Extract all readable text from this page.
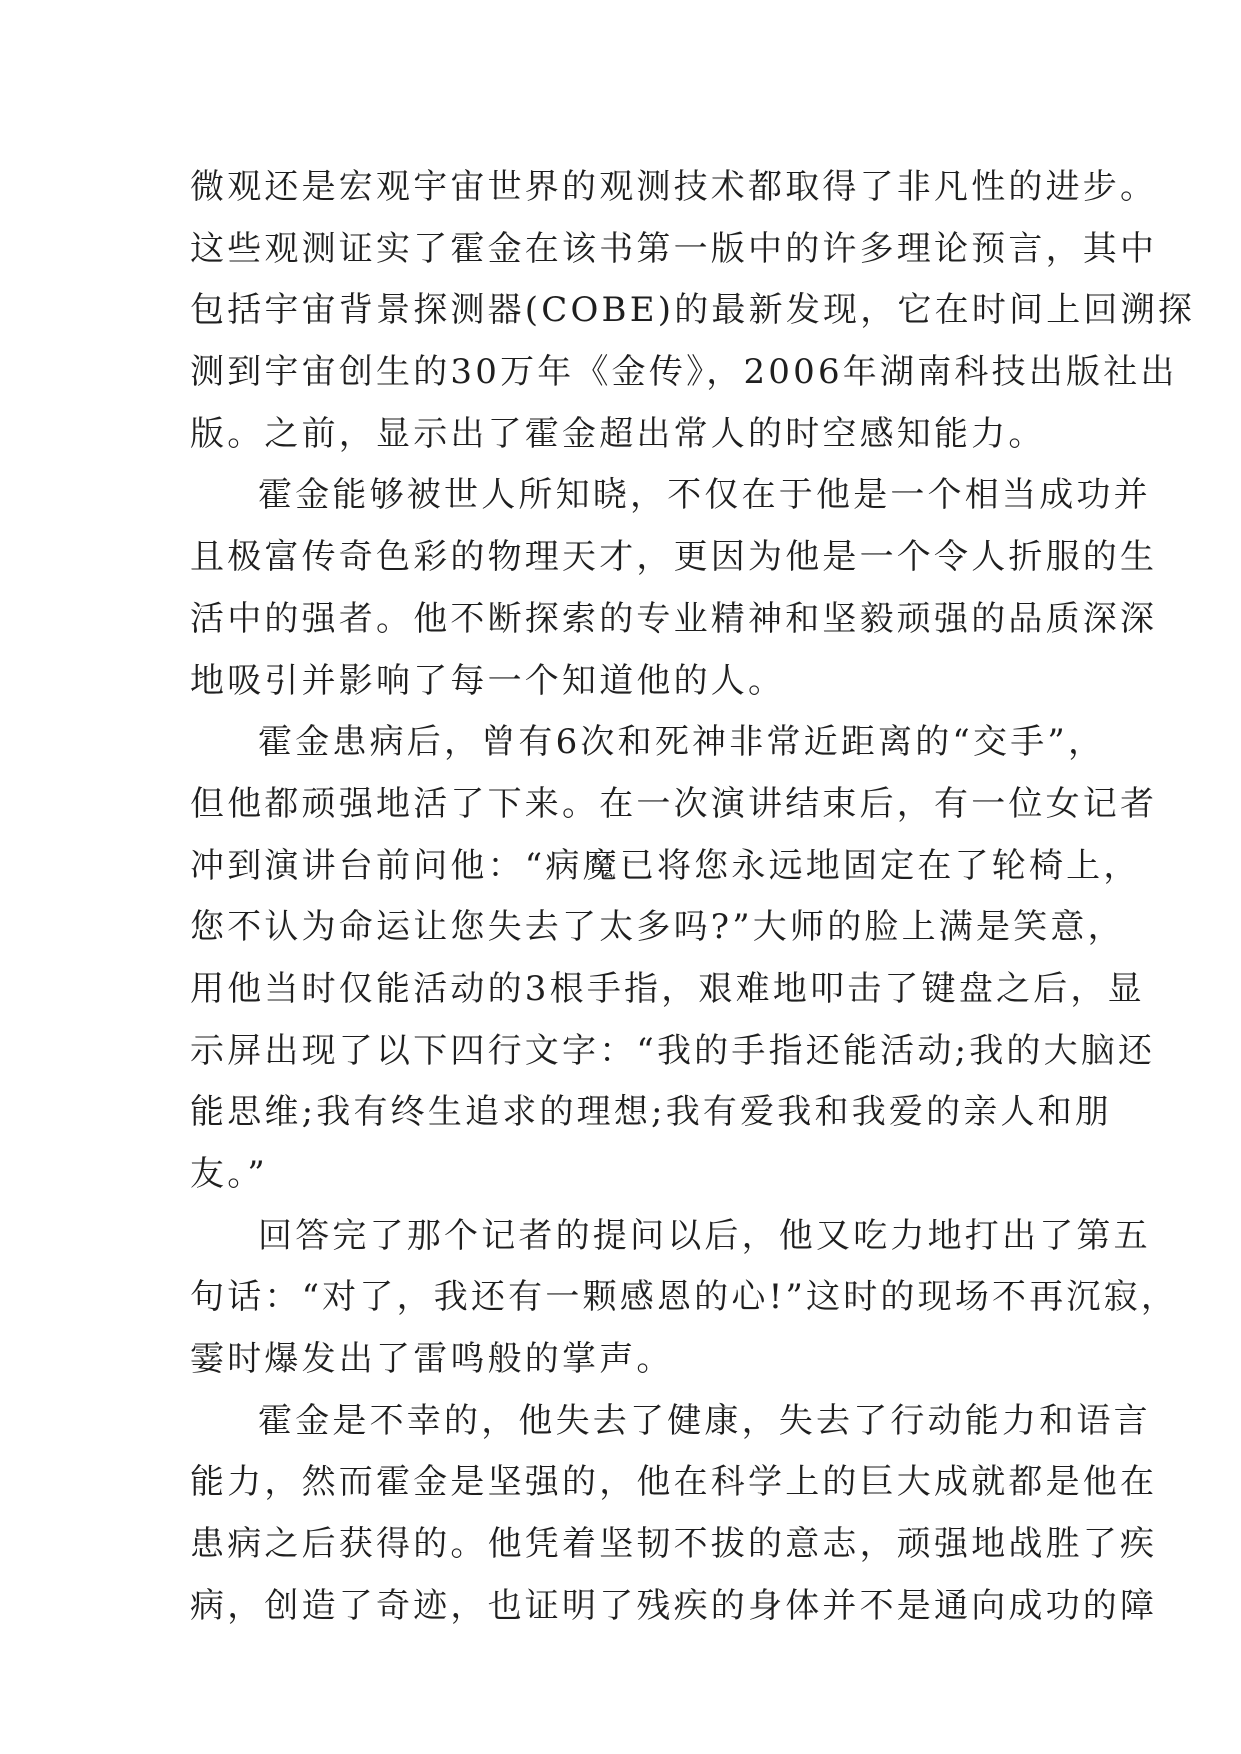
微观还是宏观宇宙世界的观测技术都取得了非凡性的进步。
这些观测证实了霍金在该书第一版中的许多理论预言，其中
包括宇宙背景探测器(COBE)的最新发现，它在时间上回溯探
测到宇宙创生的30万年《金传》，2006年湖南科技出版社出
版。之前，显示出了霍金超出常人的时空感知能力。
霍金能够被世人所知晓，不仅在于他是一个相当成功并
且极富传奇色彩的物理天才，更因为他是一个令人折服的生
活中的强者。他不断探索的专业精神和坚毅顽强的品质深深
地吸引并影响了每一个知道他的人。
霍金患病后，曾有6次和死神非常近距离的“交手”，
但他都顽强地活了下来。在一次演讲结束后，有一位女记者
冲到演讲台前问他：“病魔已将您永远地固定在了轮椅上，
您不认为命运让您失去了太多吗?”大师的脸上满是笑意，
用他当时仅能活动的3根手指，艰难地叩击了键盘之后，显
示屏出现了以下四行文字：“我的手指还能活动;我的大脑还
能思维;我有终生追求的理想;我有爱我和我爱的亲人和朋
友。”
回答完了那个记者的提问以后，他又吃力地打出了第五
句话：“对了，我还有一颗感恩的心!”这时的现场不再沉寂，
霎时爆发出了雷鸣般的掌声。
霍金是不幸的，他失去了健康，失去了行动能力和语言
能力，然而霍金是坚强的，他在科学上的巨大成就都是他在
患病之后获得的。他凭着坚韧不拔的意志，顽强地战胜了疾
病，创造了奇迹，也证明了残疾的身体并不是通向成功的障
